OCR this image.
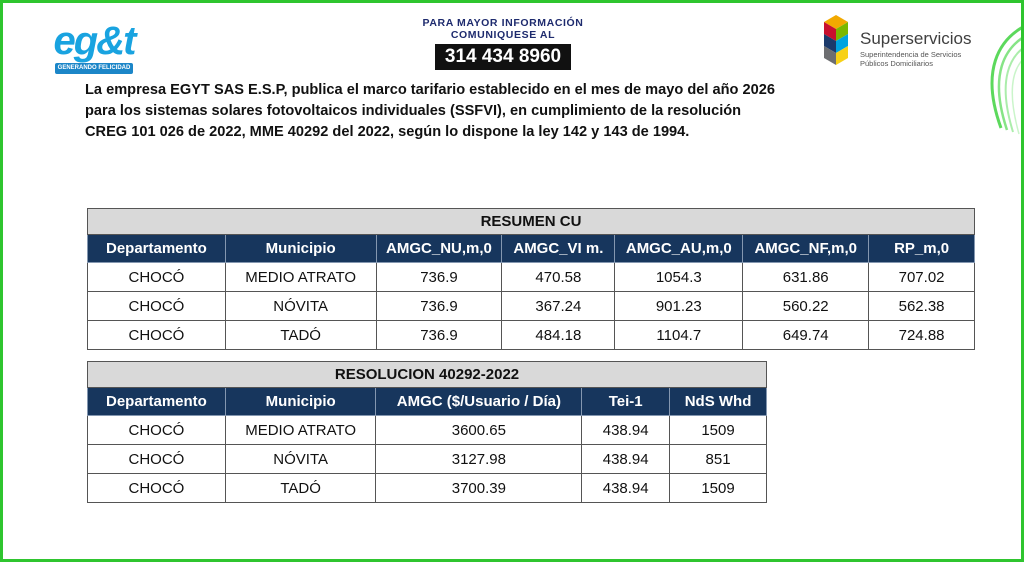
eg&t
GENERANDO FELICIDAD
PARA MAYOR INFORMACIÓN
COMUNIQUESE AL
314 434 8960
Superservicios
Superintendencia de Servicios
Públicos Domiciliarios

La empresa EGYT SAS E.S.P, publica el marco tarifario establecido en el mes de mayo del año 2026

para los sistemas solares fotovoltaicos individuales (SSFVI), en cumplimiento de la resolución

CREG 101 026 de 2022, MME 40292 del 2022, según lo dispone la ley 142 y 143 de 1994.

RESUMEN CU						
Departamento	Municipio	AMGC_NU,m,0	AMGC_VI m.	AMGC_AU,m,0	AMGC_NF,m,0	RP_m,0
CHOCÓ	MEDIO ATRATO	736.9	470.58	1054.3	631.86	707.02
CHOCÓ	NÓVITA	736.9	367.24	901.23	560.22	562.38
CHOCÓ	TADÓ	736.9	484.18	1104.7	649.74	724.88
RESOLUCION 40292-2022				
Departamento	Municipio	AMGC ($/Usuario / Día)	Tei-1	NdS Whd
CHOCÓ	MEDIO ATRATO	3600.65	438.94	1509
CHOCÓ	NÓVITA	3127.98	438.94	851
CHOCÓ	TADÓ	3700.39	438.94	1509
